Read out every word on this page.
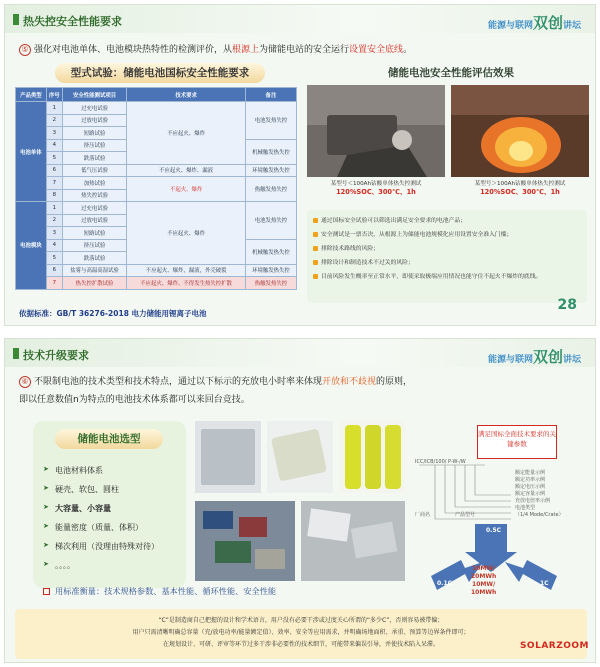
热失控安全性能要求	能源与联网双创讲坛
⑤ 强化对电池单体、电池模块热特性的检测评价，从根源上为储能电站的安全运行设置安全底线。
型式试验：储能电池国标安全性能要求	储能电池安全性能评估效果
产品类型	序号	安全性能测试项目	技术要求	备注
电池单体	1	过充电试验	不应起火、爆炸	电池发热失控
	2	过放电试验		
	3	短路试验		
	4	挤压试验		机械触发热失控
	5	跌落试验		
	6	低气压试验	不应起火、爆炸、漏液	环境触发热失控
	7	加热试验	不起火、爆炸	热触发热失控
	8	热失控试验		
电池模块	1	过充电试验	不应起火、爆炸	电池发热失控
	2	过放电试验		
	3	短路试验		
	4	挤压试验		机械触发热失控
	5	跌落试验		
	6	盐雾与高温高湿试验	不应起火、爆炸，漏液，外壳破裂	环境触发热失控
	7	热失控扩散试验	不应起火、爆炸、不得发生热失控扩散	热触发热失控
依据标准：GB/T 36276-2018 电力储能用锂离子电池
某型号＜100Ah钴酸单体热失控测试
120%SOC、300℃、1h
某型号＞100Ah钴酸单体热失控测试
120%SOC、300℃、1h
通过国标安全试验可以筛选出满足安全要求的电池产品；
安全测试是一票否决，从根源上为储能电池规模化应用设置安全准入门槛；
排除技术路线的风险；
排除设计和制造技术不过关的风险；
目前风险发生概率至正常水平，即使采取极端应用情况也能守住不起火不爆炸的底线。
28
技术升级要求	能源与联网双创讲坛
⑥ 不限制电池的技术类型和技术特点，通过以下标示的充放电小时率来体现开放和不歧视的原则，
即以任意数值n为特点的电池技术体系都可以来回台竞技。
储能电池选型
➤ 电池材料体系
➤ 硬壳、软包、圆柱
➤ 大容量、小容量
➤ 能量密度（质量、体积）
➤ 梯次利用（没理由特殊对待）
➤ 。。。。
满足国标全面技术要求的关键参数
ICC/ICB/100/ P-W-/W
额定能量示例
额定功率示例
额定电压示例
额定容量示例
充放电倍率示例
电池类型
（1/4 Mode/Crate）
产品型号
厂商名
0.5C
0.1C	1C
10MW/
20MWh
10MW/
10MWh
用标准衡量：技术规格参数、基本性能、循环性能、安全性能
“C”是制造商自己把握的设计和学术语言，用户没有必要干涉或过度关心所谓的“多少C”，否则容易被带偏；
用户只需清晰明确总容量（充/放电功率/能量额定值）、效率、安全等应用需求，并明确场地面积、承重、预算等边界条件即可；
在规划设计、可研、评审等环节过多干涉非必要性的技术细节，可能带来偏误引导，并使技术陷入呆滞。	SOLARZOOM
